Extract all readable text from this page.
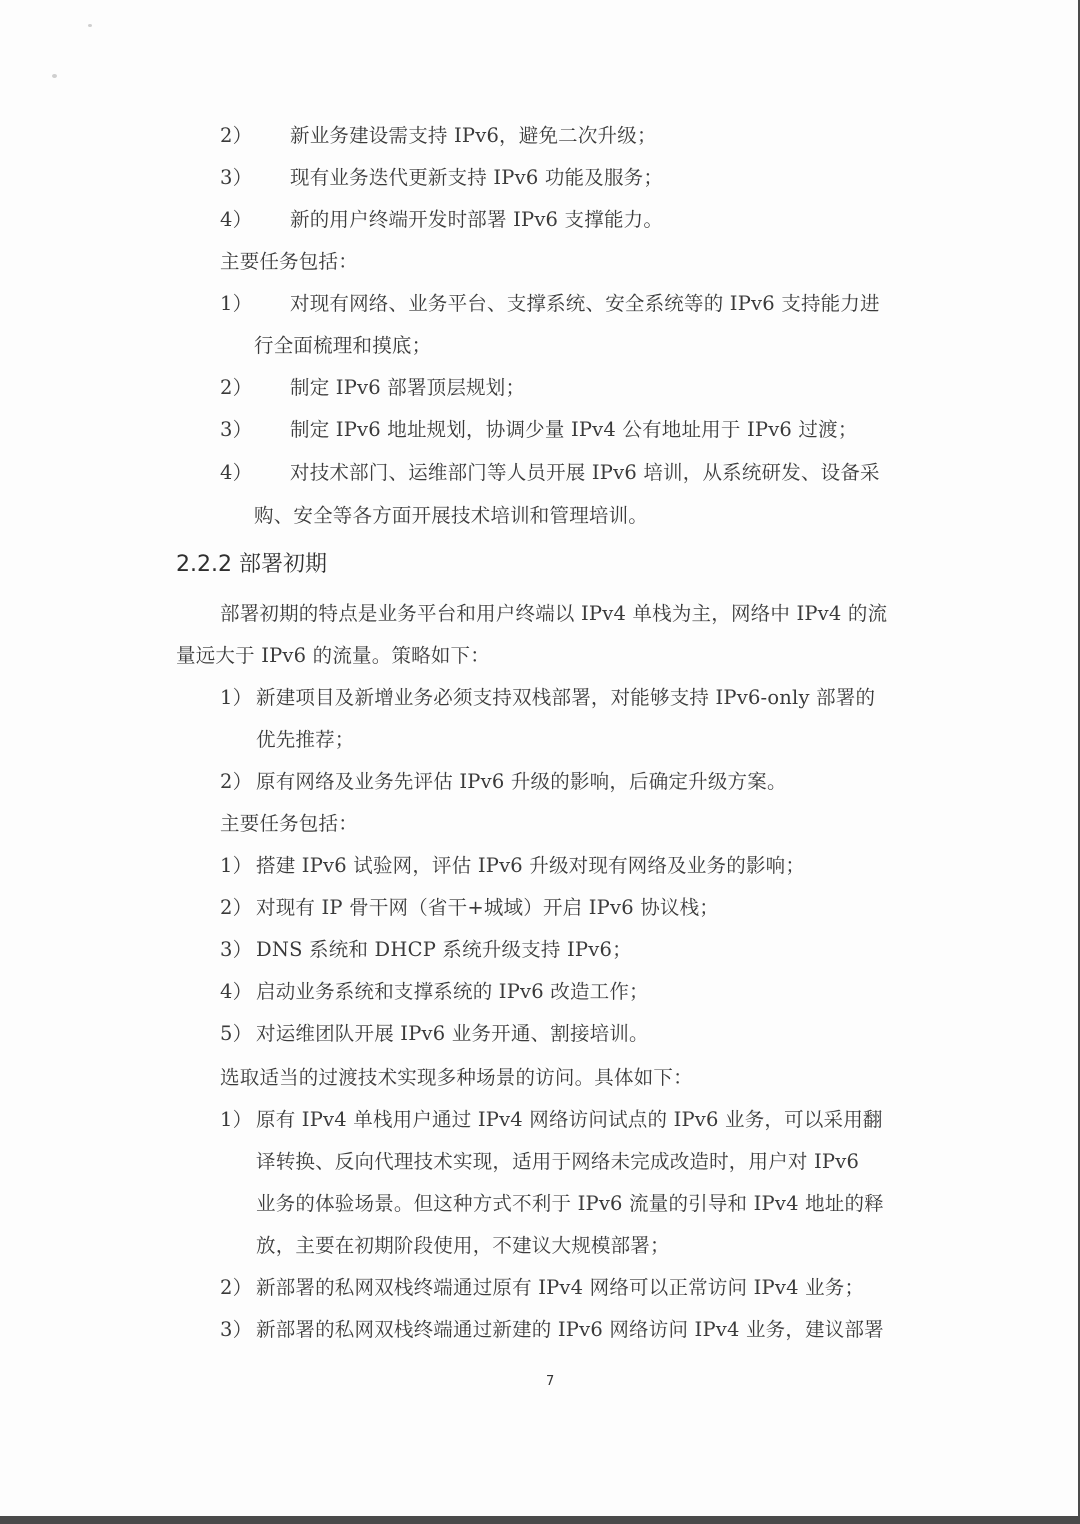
2） 新业务建设需支持 IPv6，避免二次升级；
3） 现有业务迭代更新支持 IPv6 功能及服务；
4） 新的用户终端开发时部署 IPv6 支撑能力。
主要任务包括：
1） 对现有网络、业务平台、支撑系统、安全系统等的 IPv6 支持能力进
行全面梳理和摸底；
2） 制定 IPv6 部署顶层规划；
3） 制定 IPv6 地址规划，协调少量 IPv4 公有地址用于 IPv6 过渡；
4） 对技术部门、运维部门等人员开展 IPv6 培训，从系统研发、设备采
购、安全等各方面开展技术培训和管理培训。
2.2.2 部署初期
部署初期的特点是业务平台和用户终端以 IPv4 单栈为主，网络中 IPv4 的流
量远大于 IPv6 的流量。策略如下：
1） 新建项目及新增业务必须支持双栈部署，对能够支持 IPv6-only 部署的
优先推荐；
2） 原有网络及业务先评估 IPv6 升级的影响，后确定升级方案。
主要任务包括：
1） 搭建 IPv6 试验网，评估 IPv6 升级对现有网络及业务的影响；
2） 对现有 IP 骨干网（省干+城域）开启 IPv6 协议栈；
3） DNS 系统和 DHCP 系统升级支持 IPv6；
4） 启动业务系统和支撑系统的 IPv6 改造工作；
5） 对运维团队开展 IPv6 业务开通、割接培训。
选取适当的过渡技术实现多种场景的访问。具体如下：
1） 原有 IPv4 单栈用户通过 IPv4 网络访问试点的 IPv6 业务，可以采用翻
译转换、反向代理技术实现，适用于网络未完成改造时，用户对 IPv6
业务的体验场景。但这种方式不利于 IPv6 流量的引导和 IPv4 地址的释
放，主要在初期阶段使用，不建议大规模部署；
2） 新部署的私网双栈终端通过原有 IPv4 网络可以正常访问 IPv4 业务；
3） 新部署的私网双栈终端通过新建的 IPv6 网络访问 IPv4 业务，建议部署
7
